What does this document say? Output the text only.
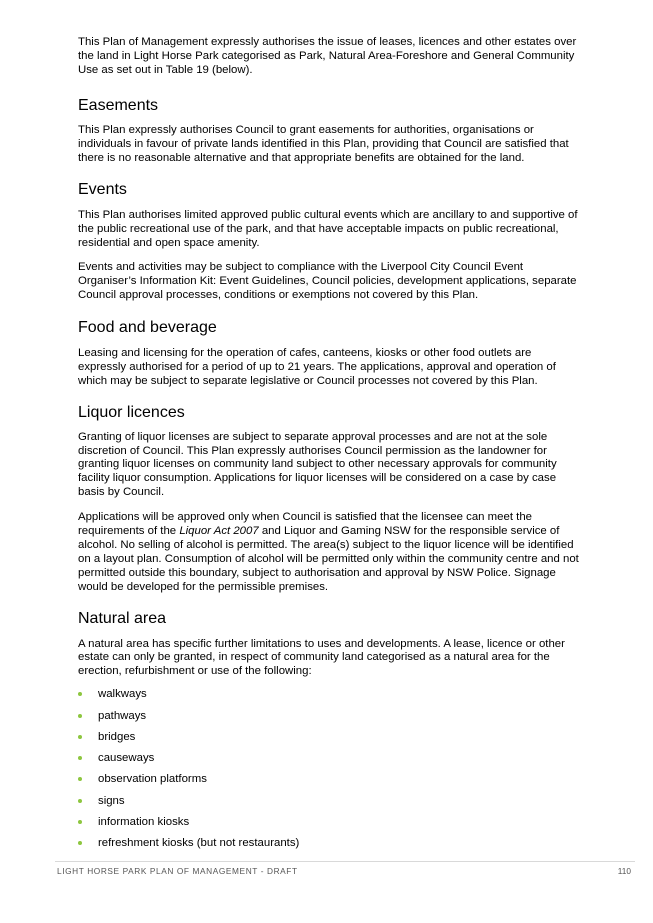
This Plan of Management expressly authorises the issue of leases, licences and other estates over the land in Light Horse Park categorised as Park, Natural Area-Foreshore and General Community Use as set out in Table 19 (below).

Easements

This Plan expressly authorises Council to grant easements for authorities, organisations or individuals in favour of private lands identified in this Plan, providing that Council are satisfied that there is no reasonable alternative and that appropriate benefits are obtained for the land.

Events

This Plan authorises limited approved public cultural events which are ancillary to and supportive of the public recreational use of the park, and that have acceptable impacts on public recreational, residential and open space amenity.

Events and activities may be subject to compliance with the Liverpool City Council Event Organiser’s Information Kit: Event Guidelines, Council policies, development applications, separate Council approval processes, conditions or exemptions not covered by this Plan.

Food and beverage

Leasing and licensing for the operation of cafes, canteens, kiosks or other food outlets are expressly authorised for a period of up to 21 years. The applications, approval and operation of which may be subject to separate legislative or Council processes not covered by this Plan.

Liquor licences

Granting of liquor licenses are subject to separate approval processes and are not at the sole discretion of Council. This Plan expressly authorises Council permission as the landowner for granting liquor licenses on community land subject to other necessary approvals for community facility liquor consumption. Applications for liquor licenses will be considered on a case by case basis by Council.

Applications will be approved only when Council is satisfied that the licensee can meet the requirements of the Liquor Act 2007 and Liquor and Gaming NSW for the responsible service of alcohol. No selling of alcohol is permitted. The area(s) subject to the liquor licence will be identified on a layout plan. Consumption of alcohol will be permitted only within the community centre and not permitted outside this boundary, subject to authorisation and approval by NSW Police. Signage would be developed for the permissible premises.

Natural area

A natural area has specific further limitations to uses and developments. A lease, licence or other estate can only be granted, in respect of community land categorised as a natural area for the erection, refurbishment or use of the following:

walkways
pathways
bridges
causeways
observation platforms
signs
information kiosks
refreshment kiosks (but not restaurants)
LIGHT HORSE PARK PLAN OF MANAGEMENT - DRAFT	110
